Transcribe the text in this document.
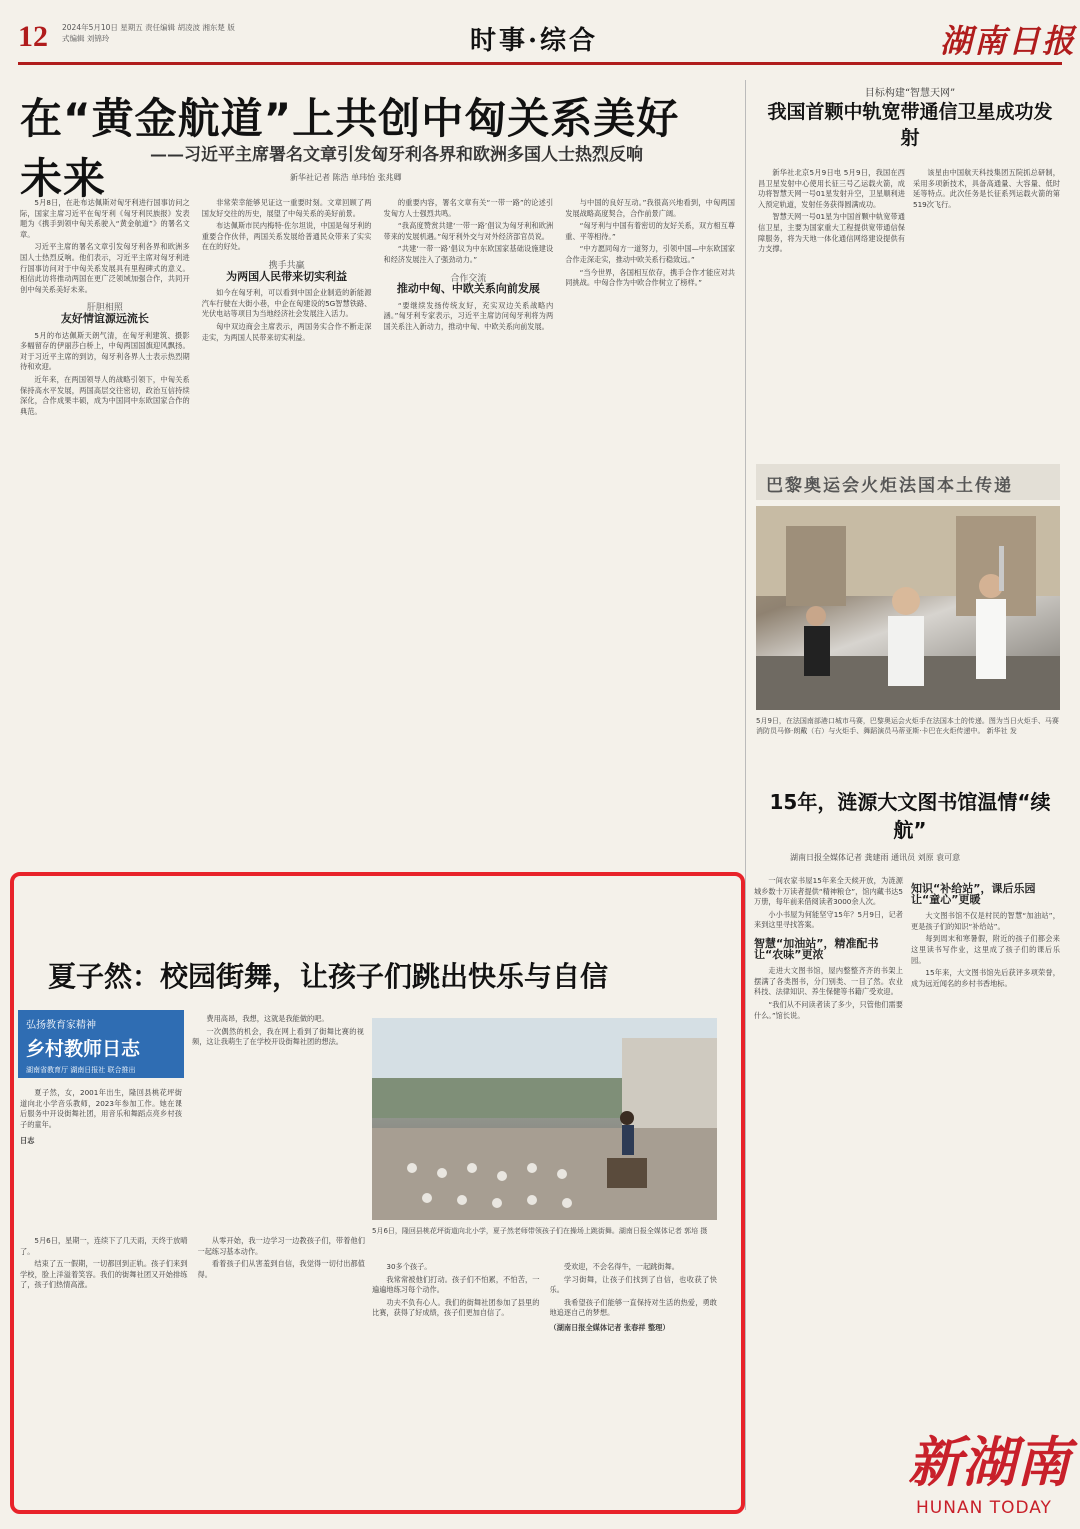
12 2024年5月10日 星期五 责任编辑 胡凌波 湘东楚 版式编辑 刘锦玲	时事·综合	湖南日报
在“黄金航道”上共创中匈关系美好未来	——习近平主席署名文章引发匈牙利各界和欧洲多国人士热烈反响
新华社记者 陈浩 单玮怡 张兆卿

5月8日，在赴布达佩斯对匈牙利进行国事访问之际，国家主席习近平在匈牙利《匈牙利民族报》发表题为《携手到领中匈关系驶入“黄金航道”》的署名文章。

习近平主席的署名文章引发匈牙利各界和欧洲多国人士热烈反响。他们表示，习近平主席对匈牙利进行国事访问对于中匈关系发展具有里程碑式的意义。相信此访将推动两国在更广泛领域加强合作，共同开创中匈关系美好未来。

肝胆相照
友好情谊源远流长

5月的布达佩斯天朗气清，在匈牙利建筑、摄影多幅留存的伊丽莎白桥上，中匈两国国旗迎风飘扬。对于习近平主席的到访，匈牙利各界人士表示热烈期待和欢迎。

近年来，在两国领导人的战略引领下，中匈关系保持高水平发展，两国高层交往密切，政治互信持续深化，合作成果丰硕，成为中国同中东欧国家合作的典范。

非常荣幸能够见证这一重要时刻。文章回顾了两国友好交往的历史，展望了中匈关系的美好前景。

布达佩斯市民内梅特·佐尔坦说，中国是匈牙利的重要合作伙伴，两国关系发展给普通民众带来了实实在在的好处。

携手共赢
为两国人民带来切实利益

如今在匈牙利，可以看到中国企业制造的新能源汽车行驶在大街小巷，中企在匈建设的5G智慧铁路、光伏电站等项目为当地经济社会发展注入活力。

匈中双边商会主席表示，两国务实合作不断走深走实，为两国人民带来切实利益。

的重要内容，署名文章有关“一带一路”的论述引发匈方人士强烈共鸣。

“我高度赞赏共建‘一带一路’倡议为匈牙利和欧洲带来的发展机遇。”匈牙利外交与对外经济部官员说。

“共建‘一带一路’倡议为中东欧国家基础设施建设和经济发展注入了强劲动力。”

合作交流
推动中匈、中欧关系向前发展

“要继续发扬传统友好，充实双边关系战略内涵。”匈牙利专家表示，习近平主席访问匈牙利将为两国关系注入新动力，推动中匈、中欧关系向前发展。

与中国的良好互动。”我很高兴地看到，中匈两国发展战略高度契合，合作前景广阔。

“匈牙利与中国有着密切的友好关系，双方相互尊重、平等相待。”

“中方愿同匈方一道努力，引领中国—中东欧国家合作走深走实，推动中欧关系行稳致远。”

“当今世界，各国相互依存，携手合作才能应对共同挑战。中匈合作为中欧合作树立了榜样。”

目标构建“智慧天网”
我国首颗中轨宽带通信卫星成功发射

新华社北京5月9日电 5月9日，我国在西昌卫星发射中心使用长征三号乙运载火箭，成功将智慧天网一号01星发射升空，卫星顺利进入预定轨道，发射任务获得圆满成功。

智慧天网一号01星为中国首颗中轨宽带通信卫星，主要为国家重大工程提供宽带通信保障服务，将为天地一体化通信网络建设提供有力支撑。

该星由中国航天科技集团五院抓总研制，采用多项新技术，具备高通量、大容量、低时延等特点。此次任务是长征系列运载火箭的第519次飞行。

巴黎奥运会火炬法国本土传递
5月9日，在法国南部港口城市马赛，巴黎奥运会火炬手在法国本土的传递。图为当日火炬手、马赛消防员马修·朗戴（右）与火炬手、舞蹈演员马蒂亚斯·卡巴在火炬传递中。 新华社 发
15年，涟源大文图书馆温情“续航”
湖南日报全媒体记者 龚建雨 通讯员 刘原 袁可意

一间农家书屋15年来全天候开放，为涟源城乡数十万读者提供“精神粮仓”，馆内藏书达5万册，每年前来借阅读者3000余人次。

小小书屋为何能坚守15年？5月9日，记者来到这里寻找答案。

智慧“加油站”，精准配书让“农味”更浓

走进大文图书馆，屋内整整齐齐的书架上摆满了各类图书，分门别类、一目了然。农业科技、法律知识、养生保健等书籍广受欢迎。

“我们从不问读者读了多少，只管他们需要什么。”馆长说。

知识“补给站”，课后乐园让“童心”更暖

大文图书馆不仅是村民的智慧“加油站”，更是孩子们的知识“补给站”。

每到周末和寒暑假，附近的孩子们都会来这里读书写作业，这里成了孩子们的课后乐园。

15年来，大文图书馆先后获评多项荣誉，成为远近闻名的乡村书香地标。

夏子然：校园街舞，让孩子们跳出快乐与自信
弘扬教育家精神
乡村教师日志
湖南省教育厅 湖南日报社 联合推出

夏子然，女，2001年出生，隆回县桃花坪街道向北小学音乐教师，2023年参加工作。她在课后服务中开设街舞社团，用音乐和舞蹈点亮乡村孩子的童年。

日志

5月6日，星期一，连续下了几天雨，天终于放晴了。

结束了五一假期，一切都回到正轨。孩子们来到学校，脸上洋溢着笑容。我们的街舞社团又开始排练了，孩子们热情高涨。

从零开始，我一边学习一边教孩子们，带着他们一起练习基本动作。

看着孩子们从害羞到自信，我觉得一切付出都值得。

费用高昂，我想，这就是我能做的吧。

一次偶然的机会，我在网上看到了街舞比赛的视频，这让我萌生了在学校开设街舞社团的想法。

5月6日，隆回县桃花坪街道向北小学，夏子然老师带领孩子们在操场上跳街舞。湖南日报全媒体记者 郭培 摄

30多个孩子。

我常常被他们打动。孩子们不怕累，不怕苦，一遍遍地练习每个动作。

功夫不负有心人。我们的街舞社团参加了县里的比赛，获得了好成绩，孩子们更加自信了。

受欢迎，不会名得牛，一起跳街舞。

学习街舞，让孩子们找到了自信，也收获了快乐。

我希望孩子们能够一直保持对生活的热爱，勇敢地追逐自己的梦想。

（湖南日报全媒体记者 张春祥 整理）
新湖南
HUNAN TODAY
